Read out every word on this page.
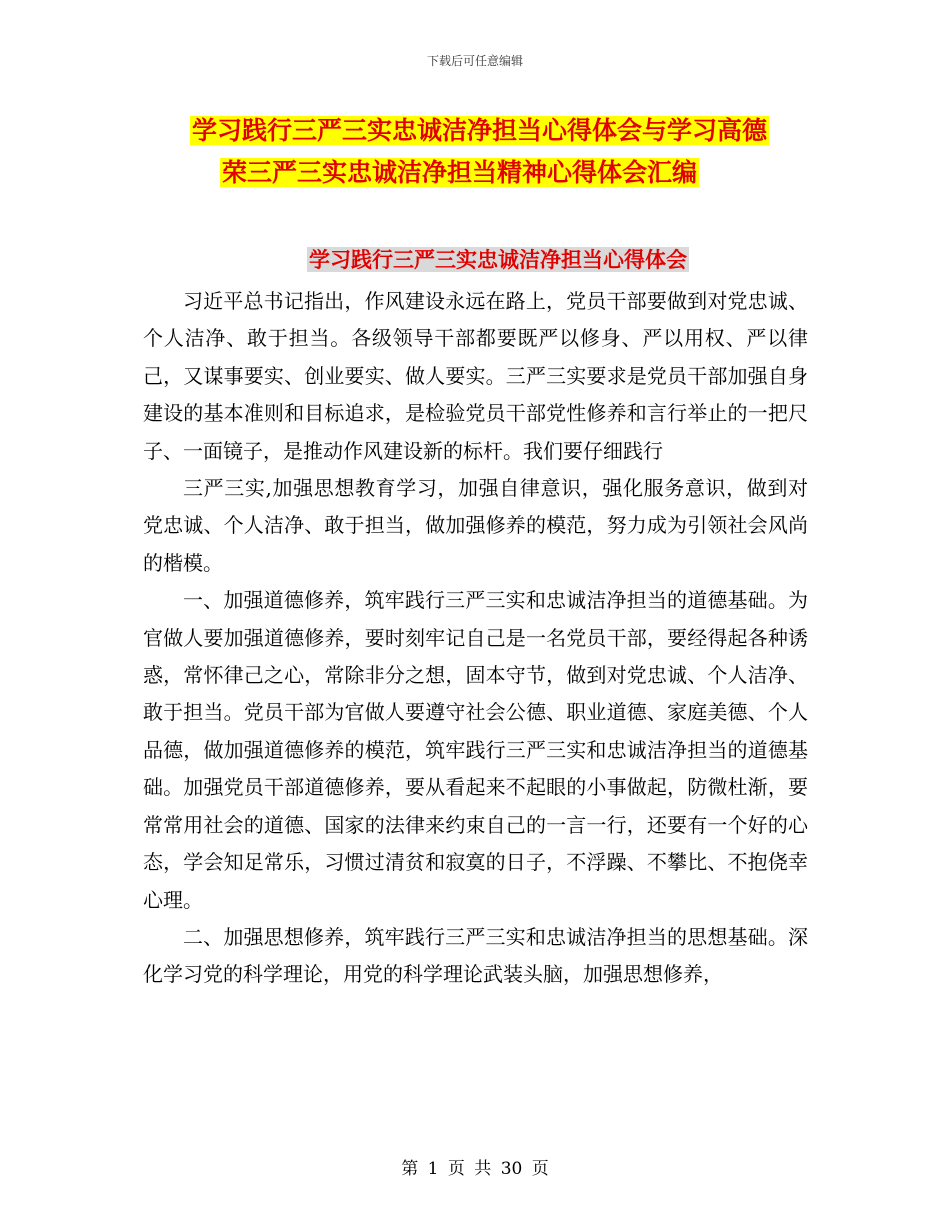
下载后可任意编辑
学习践行三严三实忠诚洁净担当心得体会与学习高德
荣三严三实忠诚洁净担当精神心得体会汇编
学习践行三严三实忠诚洁净担当心得体会

习近平总书记指出，作风建设永远在路上，党员干部要做到对党忠诚、个人洁净、敢于担当。各级领导干部都要既严以修身、严以用权、严以律己，又谋事要实、创业要实、做人要实。三严三实要求是党员干部加强自身建设的基本准则和目标追求，是检验党员干部党性修养和言行举止的一把尺子、一面镜子，是推动作风建设新的标杆。我们要仔细践行

三严三实,加强思想教育学习，加强自律意识，强化服务意识，做到对党忠诚、个人洁净、敢于担当，做加强修养的模范，努力成为引领社会风尚的楷模。

一、加强道德修养，筑牢践行三严三实和忠诚洁净担当的道德基础。为官做人要加强道德修养，要时刻牢记自己是一名党员干部，要经得起各种诱惑，常怀律己之心，常除非分之想，固本守节，做到对党忠诚、个人洁净、敢于担当。党员干部为官做人要遵守社会公德、职业道德、家庭美德、个人品德，做加强道德修养的模范，筑牢践行三严三实和忠诚洁净担当的道德基础。加强党员干部道德修养，要从看起来不起眼的小事做起，防微杜渐，要常常用社会的道德、国家的法律来约束自己的一言一行，还要有一个好的心态，学会知足常乐，习惯过清贫和寂寞的日子，不浮躁、不攀比、不抱侥幸心理。

二、加强思想修养，筑牢践行三严三实和忠诚洁净担当的思想基础。深化学习党的科学理论，用党的科学理论武装头脑，加强思想修养，

第 1 页 共 30 页
